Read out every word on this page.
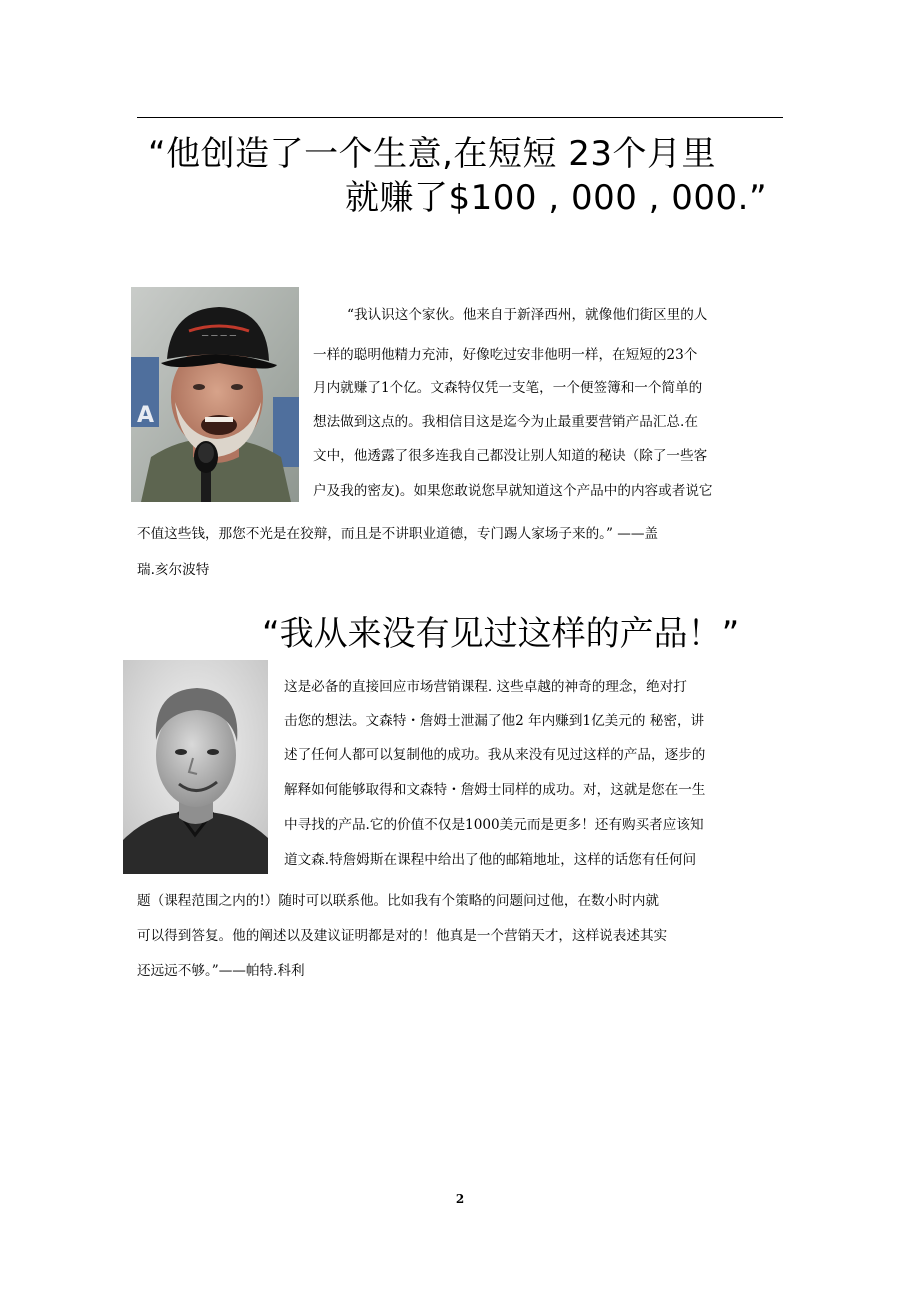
“他创造了一个生意,在短短 23个月里
就赚了$100 , 000 , 000.”
A
— — — —
“我认识这个家伙。他来自于新泽西州，就像他们街区里的人
一样的聪明他精力充沛，好像吃过安非他明一样，在短短的23个
月内就赚了1个亿。文森特仅凭一支笔，一个便签簿和一个简单的
想法做到这点的。我相信目这是迄今为止最重要营销产品汇总.在
文中，他透露了很多连我自己都没让别人知道的秘诀（除了一些客
户及我的密友)。如果您敢说您早就知道这个产品中的内容或者说它
不值这些钱，那您不光是在狡辩，而且是不讲职业道德，专门踢人家场子来的。” ——盖
瑞.亥尔波特
“我从来没有见过这样的产品！”
这是必备的直接回应市场营销课程. 这些卓越的神奇的理念，绝对打
击您的想法。文森特・詹姆士泄漏了他2 年内赚到1亿美元的 秘密，讲
述了任何人都可以复制他的成功。我从来没有见过这样的产品，逐步的
解释如何能够取得和文森特・詹姆士同样的成功。对，这就是您在一生
中寻找的产品.它的价值不仅是1000美元而是更多！还有购买者应该知
道文森.特詹姆斯在课程中给出了他的邮箱地址，这样的话您有任何问
题（课程范围之内的!）随时可以联系他。比如我有个策略的问题问过他，在数小时内就
可以得到答复。他的阐述以及建议证明都是对的！他真是一个营销天才，这样说表述其实
还远远不够。”——帕特.科利
2
